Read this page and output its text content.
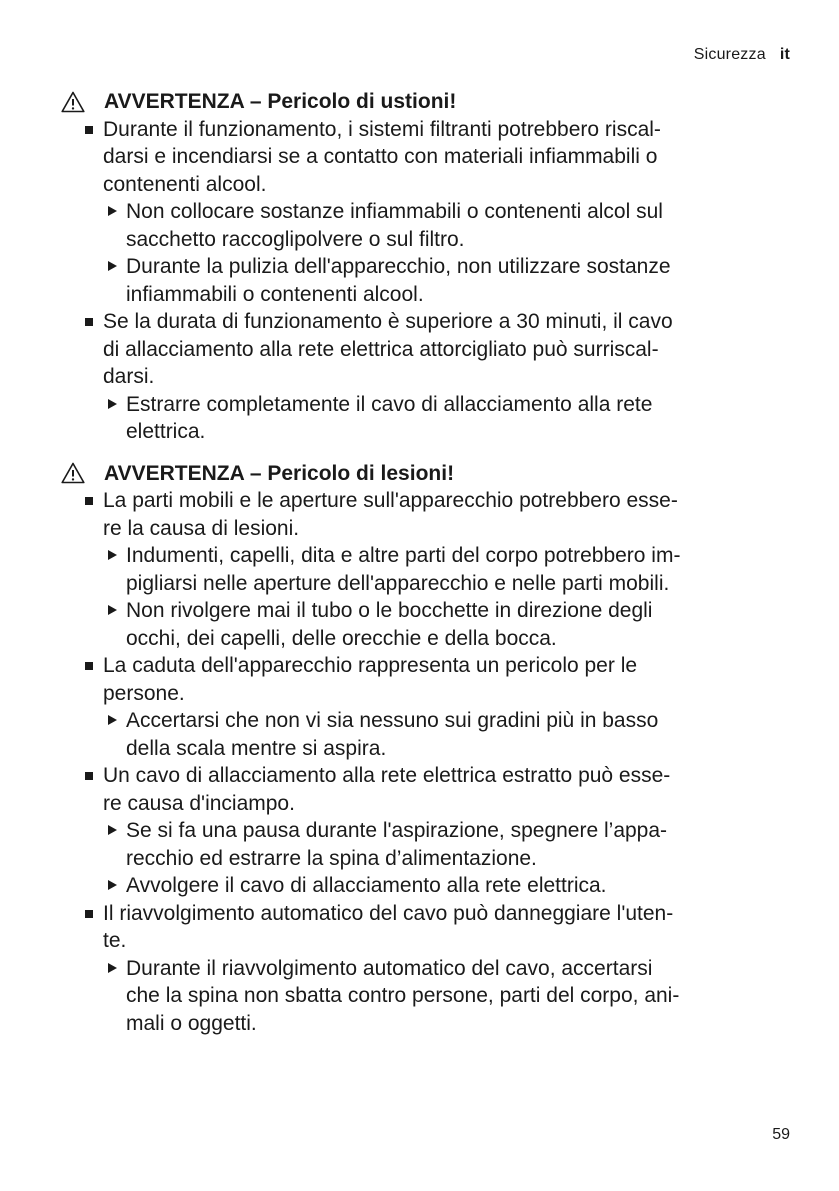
Sicurezza it
AVVERTENZA – Pericolo di ustioni!
Durante il funzionamento, i sistemi filtranti potrebbero riscal-
darsi e incendiarsi se a contatto con materiali infiammabili o
contenenti alcool.
Non collocare sostanze infiammabili o contenenti alcol sul
sacchetto raccoglipolvere o sul filtro.
Durante la pulizia dell'apparecchio, non utilizzare sostanze
infiammabili o contenenti alcool.
Se la durata di funzionamento è superiore a 30 minuti, il cavo
di allacciamento alla rete elettrica attorcigliato può surriscal-
darsi.
Estrarre completamente il cavo di allacciamento alla rete
elettrica.
AVVERTENZA – Pericolo di lesioni!
La parti mobili e le aperture sull'apparecchio potrebbero esse-
re la causa di lesioni.
Indumenti, capelli, dita e altre parti del corpo potrebbero im-
pigliarsi nelle aperture dell'apparecchio e nelle parti mobili.
Non rivolgere mai il tubo o le bocchette in direzione degli
occhi, dei capelli, delle orecchie e della bocca.
La caduta dell'apparecchio rappresenta un pericolo per le
persone.
Accertarsi che non vi sia nessuno sui gradini più in basso
della scala mentre si aspira.
Un cavo di allacciamento alla rete elettrica estratto può esse-
re causa d'inciampo.
Se si fa una pausa durante l'aspirazione, spegnere l’appa-
recchio ed estrarre la spina d’alimentazione.
Avvolgere il cavo di allacciamento alla rete elettrica.
Il riavvolgimento automatico del cavo può danneggiare l'uten-
te.
Durante il riavvolgimento automatico del cavo, accertarsi
che la spina non sbatta contro persone, parti del corpo, ani-
mali o oggetti.
59
